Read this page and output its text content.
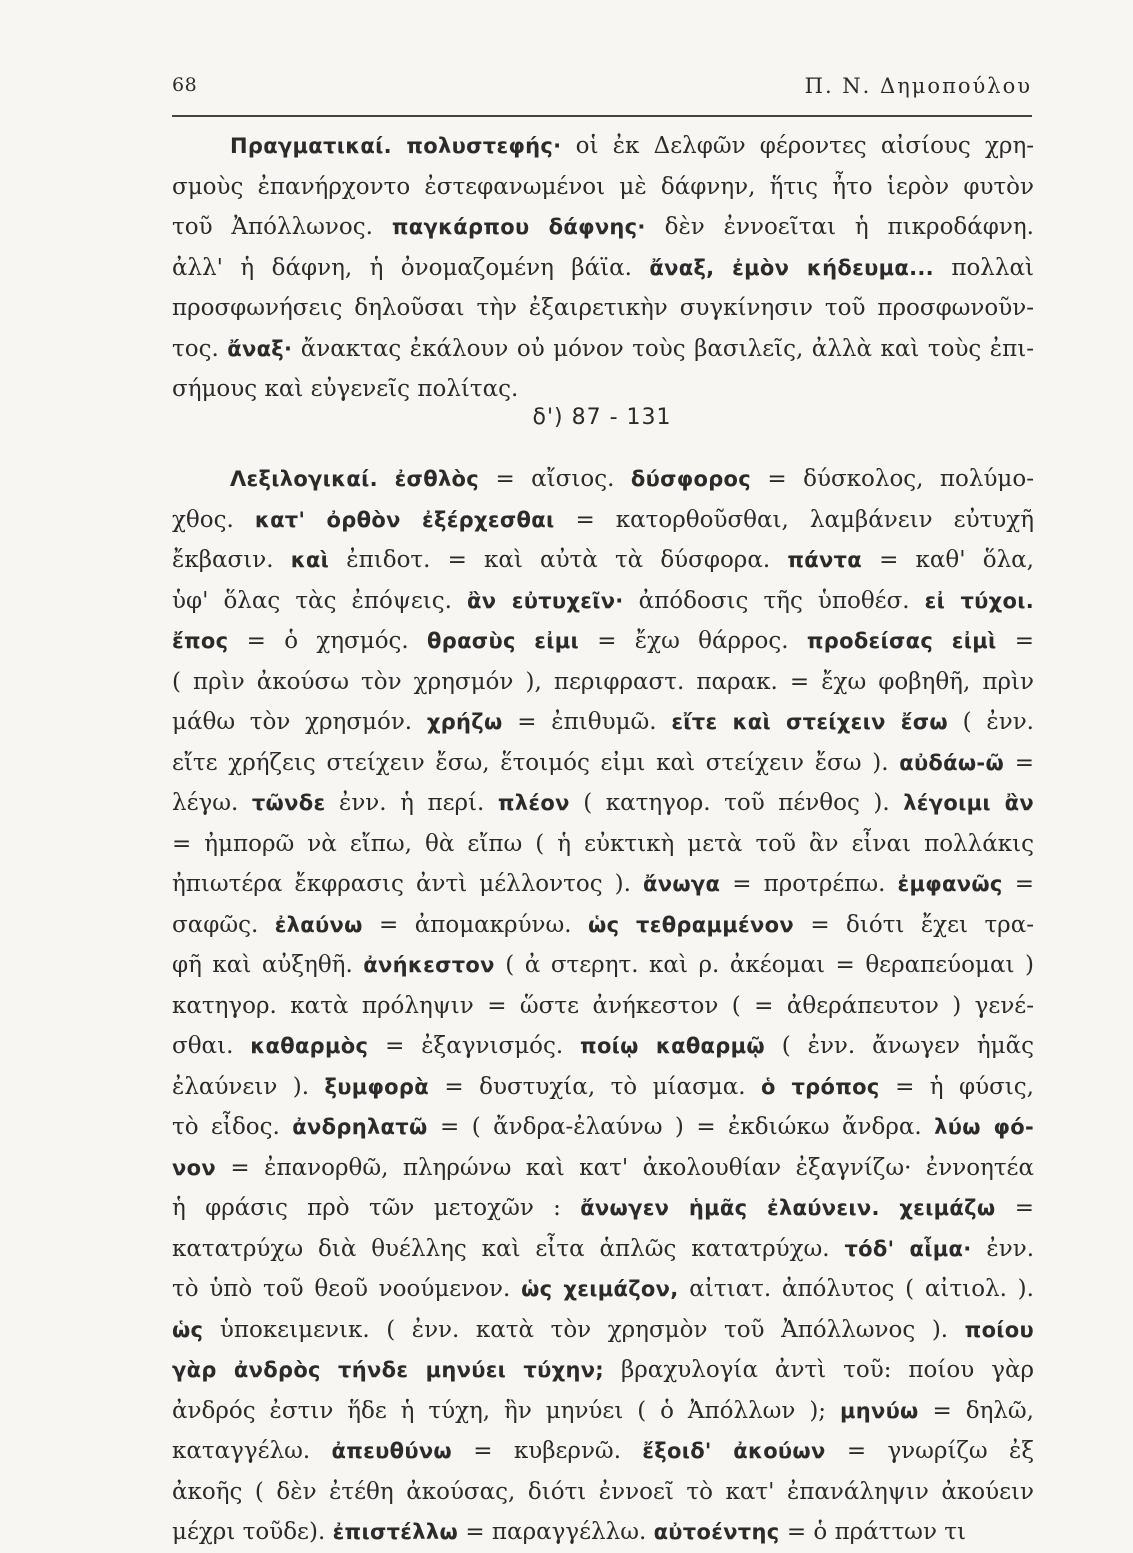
68	Π. Ν. Δημοπούλου
Πραγματικαί. πολυστεφής· οἱ ἐκ Δελφῶν φέροντες αἰσίους χρη-
σμοὺς ἐπανήρχοντο ἐστεφανωμένοι μὲ δάφνην, ἥτις ἦτο ἱερὸν φυτὸν
τοῦ Ἀπόλλωνος. παγκάρπου δάφνης· δὲν ἐννοεῖται ἡ πικροδάφνη.
ἀλλ' ἡ δάφνη, ἡ ὀνομαζομένη βάϊα. ἄναξ, ἐμὸν κήδευμα... πολλαὶ
προσφωνήσεις δηλοῦσαι τὴν ἐξαιρετικὴν συγκίνησιν τοῦ προσφωνοῦν-
τος. ἄναξ· ἄνακτας ἐκάλουν οὐ μόνον τοὺς βασιλεῖς, ἀλλὰ καὶ τοὺς ἐπι-
σήμους καὶ εὐγενεῖς πολίτας.
δ') 87 - 131
Λεξιλογικαί. ἐσθλὸς = αἴσιος. δύσφορος = δύσκολος, πολύμο-
χθος. κατ' ὀρθὸν ἐξέρχεσθαι = κατορθοῦσθαι, λαμβάνειν εὐτυχῆ
ἔκβασιν. καὶ ἐπιδοτ. = καὶ αὐτὰ τὰ δύσφορα. πάντα = καθ' ὅλα,
ὑφ' ὅλας τὰς ἐπόψεις. ἂν εὐτυχεῖν· ἀπόδοσις τῆς ὑποθέσ. εἰ τύχοι.
ἔπος = ὁ χησμός. θρασὺς εἰμι = ἔχω θάρρος. προδείσας εἰμὶ =
( πρὶν ἀκούσω τὸν χρησμόν ), περιφραστ. παρακ. = ἔχω φοβηθῆ, πρὶν
μάθω τὸν χρησμόν. χρήζω = ἐπιθυμῶ. εἴτε καὶ στείχειν ἔσω ( ἐνν.
εἴτε χρήζεις στείχειν ἔσω, ἕτοιμός εἰμι καὶ στείχειν ἔσω ). αὐδάω-ῶ =
λέγω. τῶνδε ἐνν. ἡ περί. πλέον ( κατηγορ. τοῦ πένθος ). λέγοιμι ἂν
= ἠμπορῶ νὰ εἴπω, θὰ εἴπω ( ἡ εὐκτικὴ μετὰ τοῦ ἂν εἶναι πολλάκις
ἠπιωτέρα ἔκφρασις ἀντὶ μέλλοντος ). ἄνωγα = προτρέπω. ἐμφανῶς =
σαφῶς. ἐλαύνω = ἀπομακρύνω. ὡς τεθραμμένον = διότι ἔχει τρα-
φῆ καὶ αὐξηθῆ. ἀνήκεστον ( ἀ στερητ. καὶ ρ. ἀκέομαι = θεραπεύομαι )
κατηγορ. κατὰ πρόληψιν = ὥστε ἀνήκεστον ( = ἀθεράπευτον ) γενέ-
σθαι. καθαρμὸς = ἐξαγνισμός. ποίῳ καθαρμῷ ( ἐνν. ἄνωγεν ἡμᾶς
ἐλαύνειν ). ξυμφορὰ = δυστυχία, τὸ μίασμα. ὁ τρόπος = ἡ φύσις,
τὸ εἶδος. ἀνδρηλατῶ = ( ἄνδρα-ἐλαύνω ) = ἐκδιώκω ἄνδρα. λύω φό-
νον = ἐπανορθῶ, πληρώνω καὶ κατ' ἀκολουθίαν ἐξαγνίζω· ἐννοητέα
ἡ φράσις πρὸ τῶν μετοχῶν : ἄνωγεν ἡμᾶς ἐλαύνειν. χειμάζω =
κατατρύχω διὰ θυέλλης καὶ εἶτα ἁπλῶς κατατρύχω. τόδ' αἷμα· ἐνν.
τὸ ὑπὸ τοῦ θεοῦ νοούμενον. ὡς χειμάζον, αἰτιατ. ἀπόλυτος ( αἰτιολ. ).
ὡς ὑποκειμενικ. ( ἐνν. κατὰ τὸν χρησμὸν τοῦ Ἀπόλλωνος ). ποίου
γὰρ ἀνδρὸς τήνδε μηνύει τύχην; βραχυλογία ἀντὶ τοῦ: ποίου γὰρ
ἀνδρός ἐστιν ἥδε ἡ τύχη, ἣν μηνύει ( ὁ Ἀπόλλων ); μηνύω = δηλῶ,
καταγγέλω. ἀπευθύνω = κυβερνῶ. ἔξοιδ' ἀκούων = γνωρίζω ἐξ
ἀκοῆς ( δὲν ἐτέθη ἀκούσας, διότι ἐννοεῖ τὸ κατ' ἐπανάληψιν ἀκούειν
μέχρι τοῦδε). ἐπιστέλλω = παραγγέλλω. αὐτοέντης = ὁ πράττων τι
